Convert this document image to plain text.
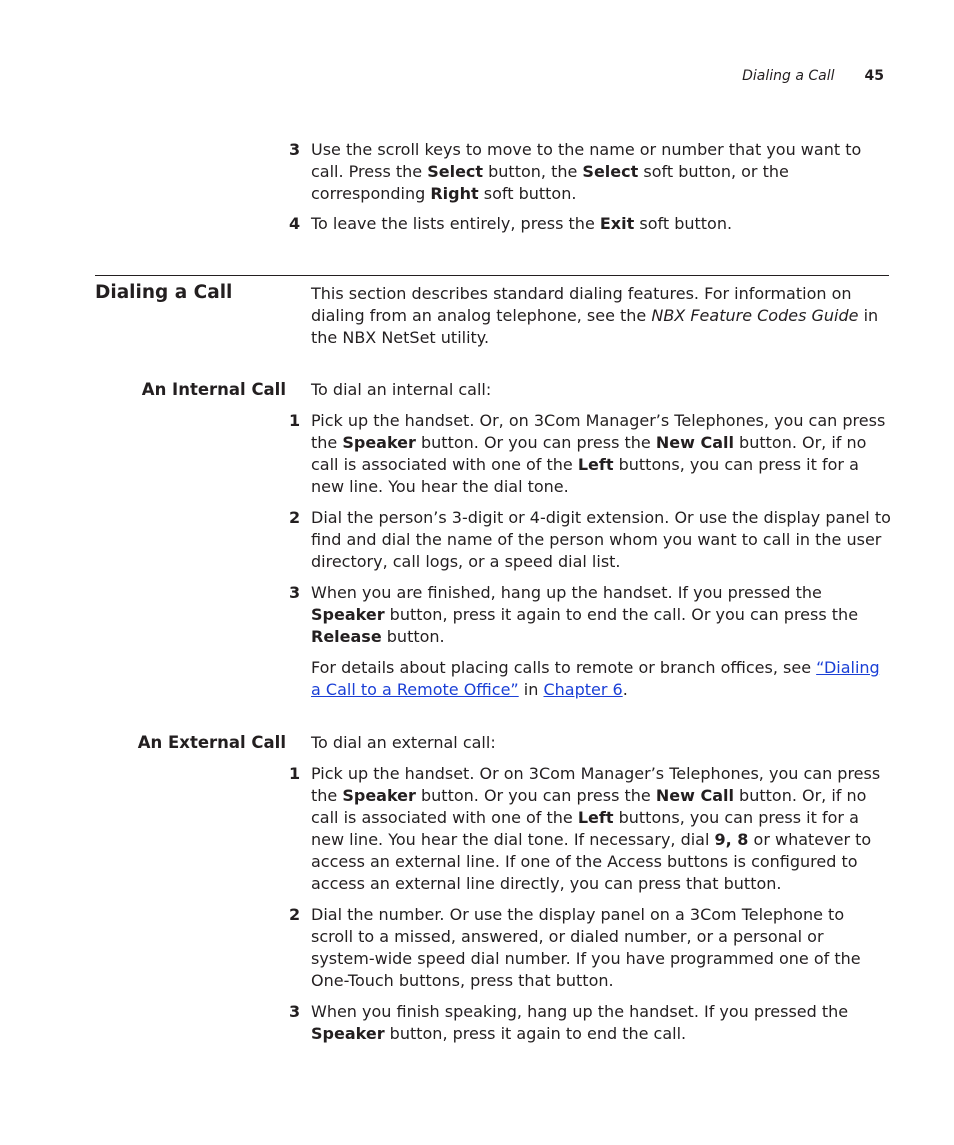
Dialing a Call 45
3 Use the scroll keys to move to the name or number that you want to call. Press the Select button, the Select soft button, or the corresponding Right soft button.
4 To leave the lists entirely, press the Exit soft button.
Dialing a Call	This section describes standard dialing features. For information on dialing from an analog telephone, see the NBX Feature Codes Guide in the NBX NetSet utility.
An Internal Call To dial an internal call:
1 Pick up the handset. Or, on 3Com Manager’s Telephones, you can press the Speaker button. Or you can press the New Call button. Or, if no call is associated with one of the Left buttons, you can press it for a new line. You hear the dial tone.
2 Dial the person’s 3-digit or 4-digit extension. Or use the display panel to find and dial the name of the person whom you want to call in the user directory, call logs, or a speed dial list.
3 When you are finished, hang up the handset. If you pressed the Speaker button, press it again to end the call. Or you can press the Release button.
For details about placing calls to remote or branch offices, see “Dialing a Call to a Remote Office” in Chapter 6.
An External Call To dial an external call:
1 Pick up the handset. Or on 3Com Manager’s Telephones, you can press the Speaker button. Or you can press the New Call button. Or, if no call is associated with one of the Left buttons, you can press it for a new line. You hear the dial tone. If necessary, dial 9, 8 or whatever to access an external line. If one of the Access buttons is configured to access an external line directly, you can press that button.
2 Dial the number. Or use the display panel on a 3Com Telephone to scroll to a missed, answered, or dialed number, or a personal or system-wide speed dial number. If you have programmed one of the One-Touch buttons, press that button.
3 When you finish speaking, hang up the handset. If you pressed the Speaker button, press it again to end the call.
